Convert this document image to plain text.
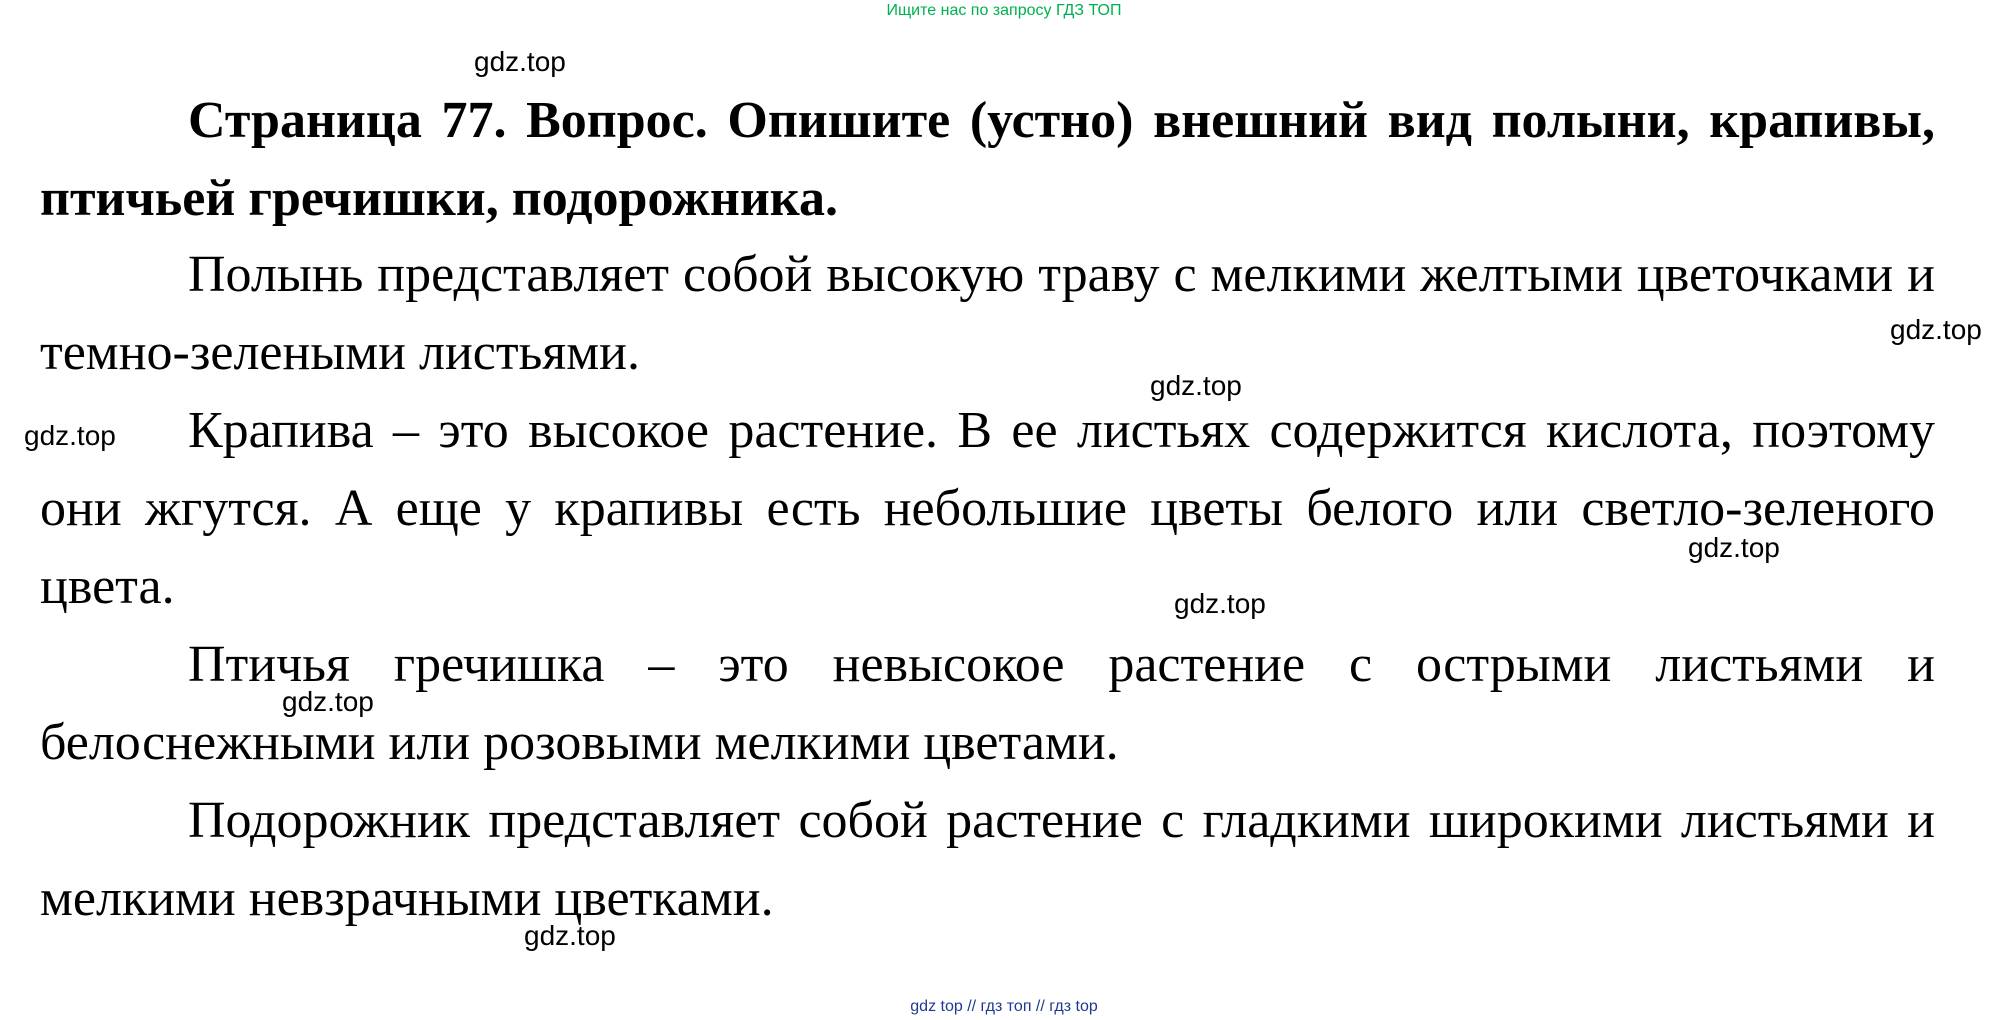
Ищите нас по запросу ГДЗ ТОП
gdz.top

Страница 77. Вопрос. Опишите (устно) внешний вид полыни, крапивы, птичьей гречишки, подорожника.

Полынь представляет собой высокую траву с мелкими желтыми цветочками и темно-зелеными листьями.	gdz.top
gdz.top
gdz.top	Крапива – это высокое растение. В ее листьях содержится кислота, поэтому они жгутся. А еще у крапивы есть небольшие цветы белого или светло-зеленого цвета.

gdz.top
gdz.top

Птичья гречишка – это невысокое растение с острыми листьями и белоснежными или розовыми мелкими цветами.

gdz.top

Подорожник представляет собой растение с гладкими широкими листьями и мелкими невзрачными цветками.

gdz.top
gdz top // гдз топ // гдз top
